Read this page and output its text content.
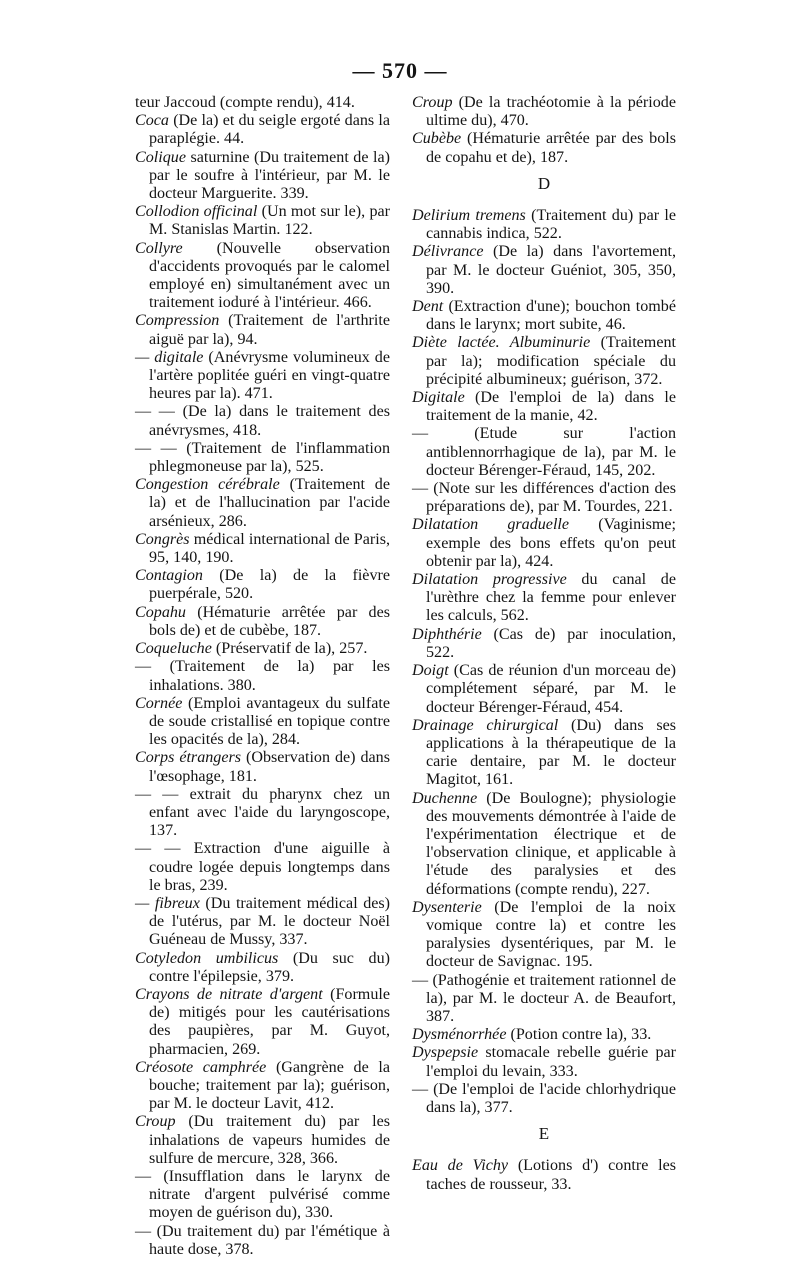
— 570 —

teur Jaccoud (compte rendu), 414.

Coca (De la) et du seigle ergoté dans la paraplégie. 44.

Colique saturnine (Du traitement de la) par le soufre à l'intérieur, par M. le docteur Marguerite. 339.

Collodion officinal (Un mot sur le), par M. Stanislas Martin. 122.

Collyre (Nouvelle observation d'accidents provoqués par le calomel employé en) simultanément avec un traitement ioduré à l'intérieur. 466.

Compression (Traitement de l'arthrite aiguë par la), 94.

— digitale (Anévrysme volumineux de l'artère poplitée guéri en vingt-quatre heures par la). 471.

— — (De la) dans le traitement des anévrysmes, 418.

— — (Traitement de l'inflammation phlegmoneuse par la), 525.

Congestion cérébrale (Traitement de la) et de l'hallucination par l'acide arsénieux, 286.

Congrès médical international de Paris, 95, 140, 190.

Contagion (De la) de la fièvre puerpérale, 520.

Copahu (Hématurie arrêtée par des bols de) et de cubèbe, 187.

Coqueluche (Préservatif de la), 257.

— (Traitement de la) par les inhalations. 380.

Cornée (Emploi avantageux du sulfate de soude cristallisé en topique contre les opacités de la), 284.

Corps étrangers (Observation de) dans l'œsophage, 181.

— — extrait du pharynx chez un enfant avec l'aide du laryngoscope, 137.

— — Extraction d'une aiguille à coudre logée depuis longtemps dans le bras, 239.

— fibreux (Du traitement médical des) de l'utérus, par M. le docteur Noël Guéneau de Mussy, 337.

Cotyledon umbilicus (Du suc du) contre l'épilepsie, 379.

Crayons de nitrate d'argent (Formule de) mitigés pour les cautérisations des paupières, par M. Guyot, pharmacien, 269.

Créosote camphrée (Gangrène de la bouche; traitement par la); guérison, par M. le docteur Lavit, 412.

Croup (Du traitement du) par les inhalations de vapeurs humides de sulfure de mercure, 328, 366.

— (Insufflation dans le larynx de nitrate d'argent pulvérisé comme moyen de guérison du), 330.

— (Du traitement du) par l'émétique à haute dose, 378.

Croup (De la trachéotomie à la période ultime du), 470.

Cubèbe (Hématurie arrêtée par des bols de copahu et de), 187.

D

Delirium tremens (Traitement du) par le cannabis indica, 522.

Délivrance (De la) dans l'avortement, par M. le docteur Guéniot, 305, 350, 390.

Dent (Extraction d'une); bouchon tombé dans le larynx; mort subite, 46.

Diète lactée. Albuminurie (Traitement par la); modification spéciale du précipité albumineux; guérison, 372.

Digitale (De l'emploi de la) dans le traitement de la manie, 42.

— (Etude sur l'action antiblennorrhagique de la), par M. le docteur Bérenger-Féraud, 145, 202.

— (Note sur les différences d'action des préparations de), par M. Tourdes, 221.

Dilatation graduelle (Vaginisme; exemple des bons effets qu'on peut obtenir par la), 424.

Dilatation progressive du canal de l'urèthre chez la femme pour enlever les calculs, 562.

Diphthérie (Cas de) par inoculation, 522.

Doigt (Cas de réunion d'un morceau de) complétement séparé, par M. le docteur Bérenger-Féraud, 454.

Drainage chirurgical (Du) dans ses applications à la thérapeutique de la carie dentaire, par M. le docteur Magitot, 161.

Duchenne (De Boulogne); physiologie des mouvements démontrée à l'aide de l'expérimentation électrique et de l'observation clinique, et applicable à l'étude des paralysies et des déformations (compte rendu), 227.

Dysenterie (De l'emploi de la noix vomique contre la) et contre les paralysies dysentériques, par M. le docteur de Savignac. 195.

— (Pathogénie et traitement rationnel de la), par M. le docteur A. de Beaufort, 387.

Dysménorrhée (Potion contre la), 33.

Dyspepsie stomacale rebelle guérie par l'emploi du levain, 333.

— (De l'emploi de l'acide chlorhydrique dans la), 377.

E

Eau de Vichy (Lotions d') contre les taches de rousseur, 33.
